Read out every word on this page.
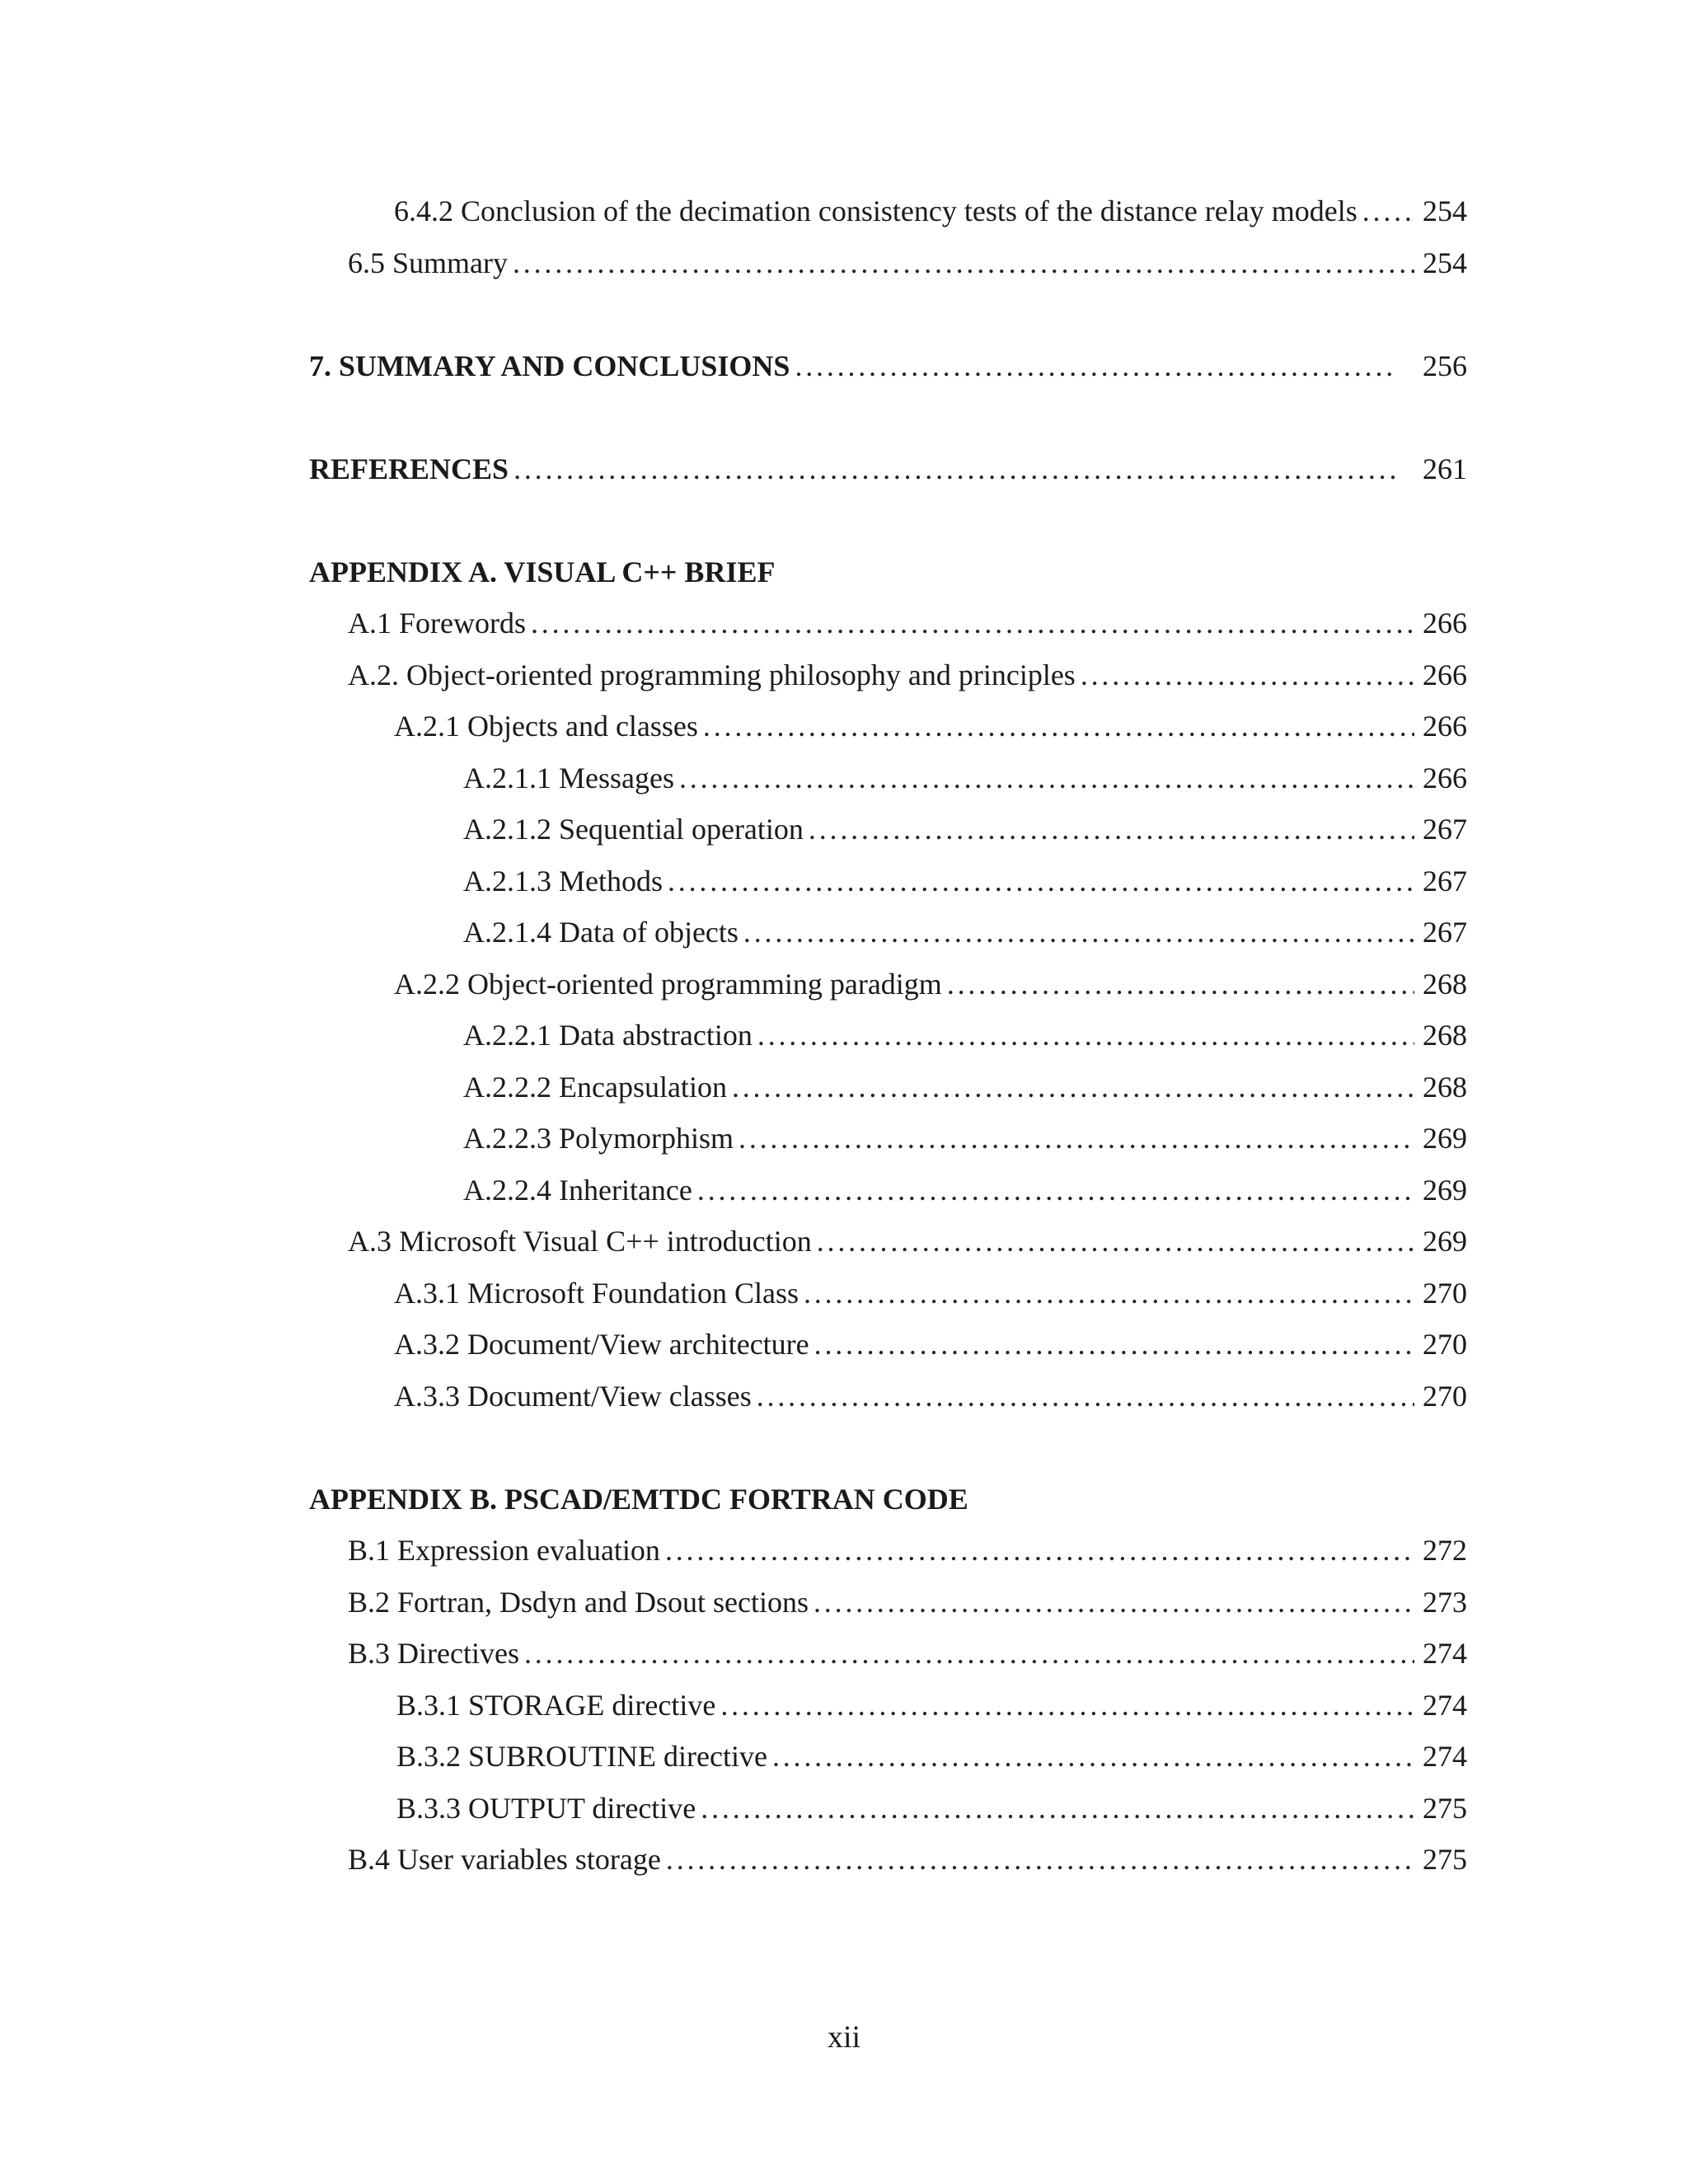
6.4.2 Conclusion of the decimation consistency tests of the distance relay models . . . 254
6.5 Summary . . .	254
7. SUMMARY AND CONCLUSIONS . . .	256
REFERENCES . . .	261
APPENDIX A. VISUAL C++ BRIEF
A.1 Forewords . . .	266
A.2. Object-oriented programming philosophy and principles . . .	266
A.2.1 Objects and classes . . .	266
A.2.1.1 Messages . . .	266
A.2.1.2 Sequential operation . . .	267
A.2.1.3 Methods . . .	267
A.2.1.4 Data of objects . . .	267
A.2.2 Object-oriented programming paradigm . . .	268
A.2.2.1 Data abstraction . . .	268
A.2.2.2 Encapsulation . . .	268
A.2.2.3 Polymorphism . . .	269
A.2.2.4 Inheritance . . .	269
A.3 Microsoft Visual C++ introduction . . .	269
A.3.1 Microsoft Foundation Class . . .	270
A.3.2 Document/View architecture . . .	270
A.3.3 Document/View classes . . .	270
APPENDIX B. PSCAD/EMTDC FORTRAN CODE
B.1 Expression evaluation . . .	272
B.2 Fortran, Dsdyn and Dsout sections . . .	273
B.3 Directives . . .	274
B.3.1 STORAGE directive . . .	274
B.3.2 SUBROUTINE directive . . .	274
B.3.3 OUTPUT directive . . .	275
B.4 User variables storage . . .	275
xii
